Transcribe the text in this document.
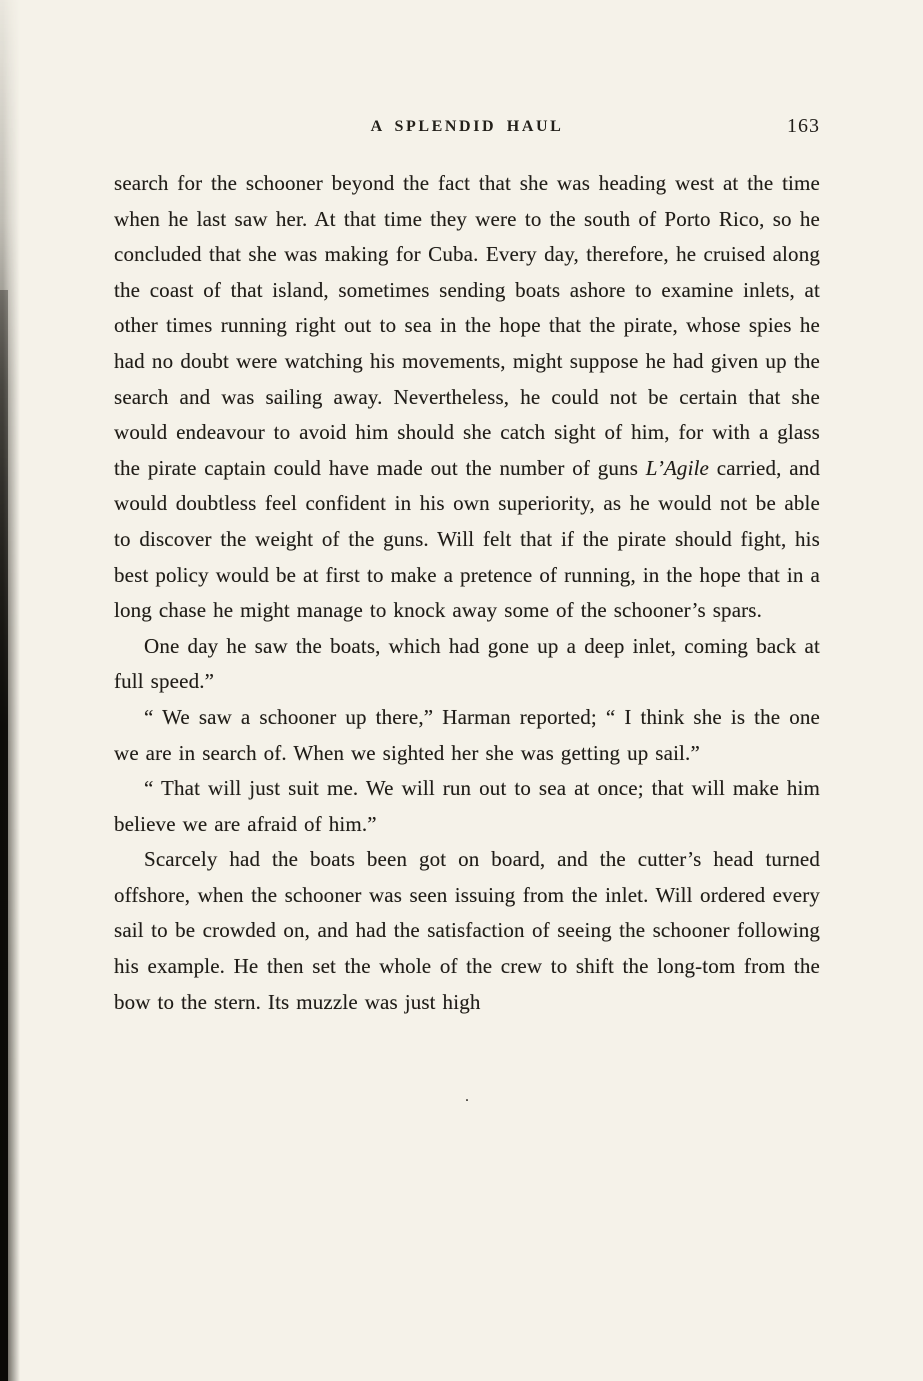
A SPLENDID HAUL	163

search for the schooner beyond the fact that she was heading west at the time when he last saw her. At that time they were to the south of Porto Rico, so he concluded that she was making for Cuba. Every day, therefore, he cruised along the coast of that island, sometimes sending boats ashore to examine inlets, at other times running right out to sea in the hope that the pirate, whose spies he had no doubt were watching his movements, might suppose he had given up the search and was sailing away. Nevertheless, he could not be certain that she would endeavour to avoid him should she catch sight of him, for with a glass the pirate captain could have made out the number of guns L’Agile carried, and would doubtless feel confident in his own superiority, as he would not be able to discover the weight of the guns. Will felt that if the pirate should fight, his best policy would be at first to make a pretence of running, in the hope that in a long chase he might manage to knock away some of the schooner’s spars.

One day he saw the boats, which had gone up a deep inlet, coming back at full speed.”

“ We saw a schooner up there,” Harman reported; “ I think she is the one we are in search of. When we sighted her she was getting up sail.”

“ That will just suit me. We will run out to sea at once; that will make him believe we are afraid of him.”

Scarcely had the boats been got on board, and the cutter’s head turned offshore, when the schooner was seen issuing from the inlet. Will ordered every sail to be crowded on, and had the satisfaction of seeing the schooner following his example. He then set the whole of the crew to shift the long-tom from the bow to the stern. Its muzzle was just high

.
